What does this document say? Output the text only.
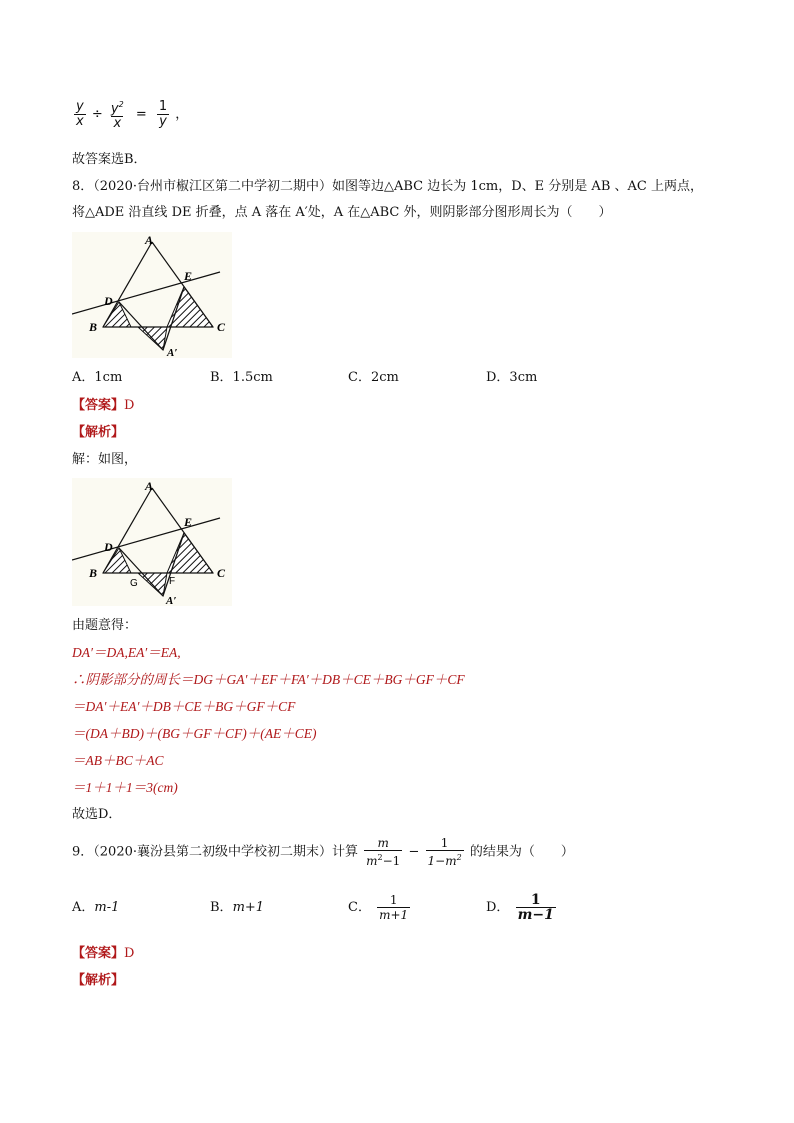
$\frac{y}{x} \div \frac{y^2}{x} = \frac{1}{y}$ ，
故答案选B．
8．（2020·台州市椒江区第二中学初二期中）如图等边△ABC 边长为 1cm，D、E 分别是 AB 、AC 上两点，
将△ADE 沿直线 DE 折叠，点 A 落在 A′处，A 在△ABC 外，则阴影部分图形周长为（　　）
A
D
E
B	C
A′
A．1cm	B．1.5cm	C．2cm	D．3cm
【答案】D
【解析】
解：如图，
A
D
E
B	C
A′
G	F
由题意得：
DA′＝DA,EA′＝EA,
∴阴影部分的周长＝DG＋GA′＋EF＋FA′＋DB＋CE＋BG＋GF＋CF
＝DA′＋EA′＋DB＋CE＋BG＋GF＋CF
＝(DA＋BD)＋(BG＋GF＋CF)＋(AE＋CE)
＝AB＋BC＋AC
＝1＋1＋1＝3(cm)
故选D．
9．（2020·襄汾县第二初级中学校初二期末）计算 $\frac{m}{m^2-1} - \frac{1}{1-m^2}$ 的结果为（　　）
A．m-1	B．m+1	C． $\frac{1}{m+1}$	D． $\frac{1}{m-1}$
【答案】D
【解析】
